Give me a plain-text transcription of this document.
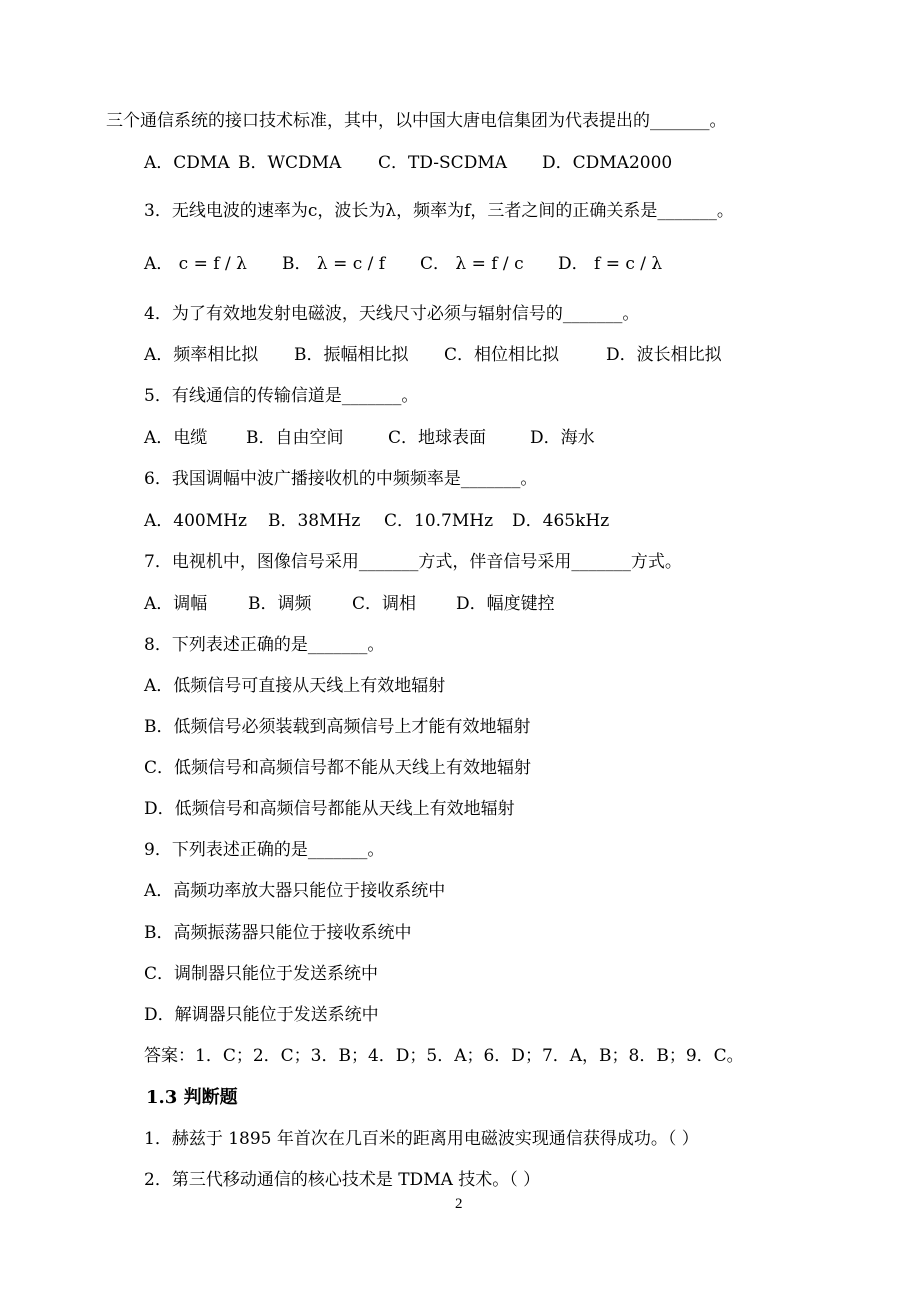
三个通信系统的接口技术标准，其中，以中国大唐电信集团为代表提出的_______。
A．CDMA B．WCDMA C．TD-SCDMA D．CDMA2000
3．无线电波的速率为c，波长为λ，频率为f，三者之间的正确关系是_______。
A． c = f / λ B． λ = c / f C． λ = f / c D． f = c / λ
4．为了有效地发射电磁波，天线尺寸必须与辐射信号的_______。
A．频率相比拟 B．振幅相比拟 C．相位相比拟	D．波长相比拟
5．有线通信的传输信道是_______。
A．电缆 B．自由空间	C．地球表面	D．海水
6．我国调幅中波广播接收机的中频频率是_______。
A．400MHz B．38MHz C．10.7MHz D．465kHz
7．电视机中，图像信号采用_______方式，伴音信号采用_______方式。
A．调幅 B．调频 C．调相 D．幅度键控
8．下列表述正确的是_______。
A．低频信号可直接从天线上有效地辐射
B．低频信号必须装载到高频信号上才能有效地辐射
C．低频信号和高频信号都不能从天线上有效地辐射
D．低频信号和高频信号都能从天线上有效地辐射
9．下列表述正确的是_______。
A．高频功率放大器只能位于接收系统中
B．高频振荡器只能位于接收系统中
C．调制器只能位于发送系统中
D．解调器只能位于发送系统中
答案：1．C；2．C；3．B；4．D；5．A；6．D；7．A，B；8．B；9．C。
1.3 判断题
1．赫兹于 1895 年首次在几百米的距离用电磁波实现通信获得成功。（ ）
2．第三代移动通信的核心技术是 TDMA 技术。（ ）
2
